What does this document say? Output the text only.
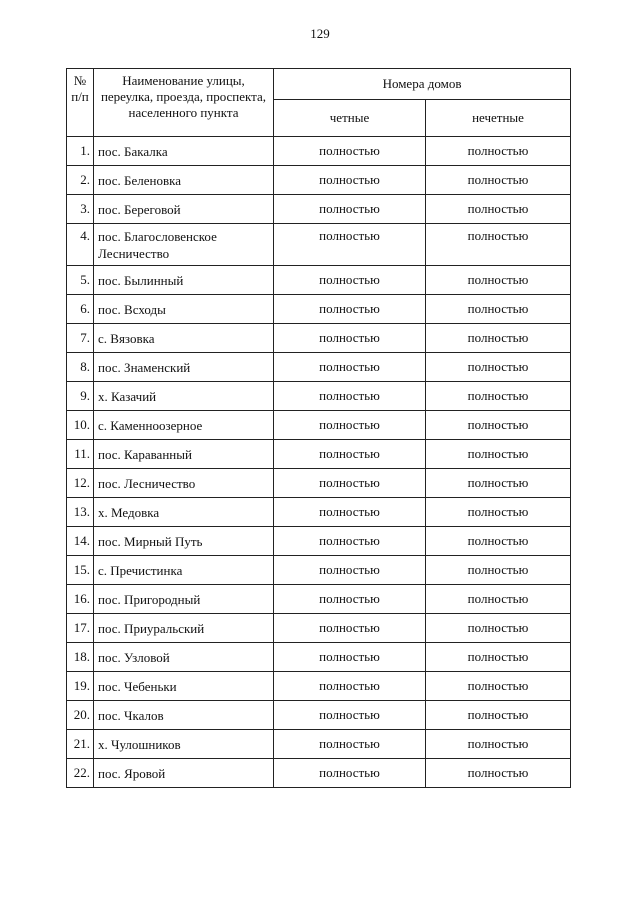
129
№ п/п	Наименование улицы, переулка, проезда, проспекта, населенного пункта	Номера домов	
		четные	нечетные
1.	пос. Бакалка	полностью	полностью
2.	пос. Беленовка	полностью	полностью
3.	пос. Береговой	полностью	полностью
4.	пос. Благословенское Лесничество	полностью	полностью
5.	пос. Былинный	полностью	полностью
6.	пос. Всходы	полностью	полностью
7.	с. Вязовка	полностью	полностью
8.	пос. Знаменский	полностью	полностью
9.	х. Казачий	полностью	полностью
10.	с. Каменноозерное	полностью	полностью
11.	пос. Караванный	полностью	полностью
12.	пос. Лесничество	полностью	полностью
13.	х. Медовка	полностью	полностью
14.	пос. Мирный Путь	полностью	полностью
15.	с. Пречистинка	полностью	полностью
16.	пос. Пригородный	полностью	полностью
17.	пос. Приуральский	полностью	полностью
18.	пос. Узловой	полностью	полностью
19.	пос. Чебеньки	полностью	полностью
20.	пос. Чкалов	полностью	полностью
21.	х. Чулошников	полностью	полностью
22.	пос. Яровой	полностью	полностью
